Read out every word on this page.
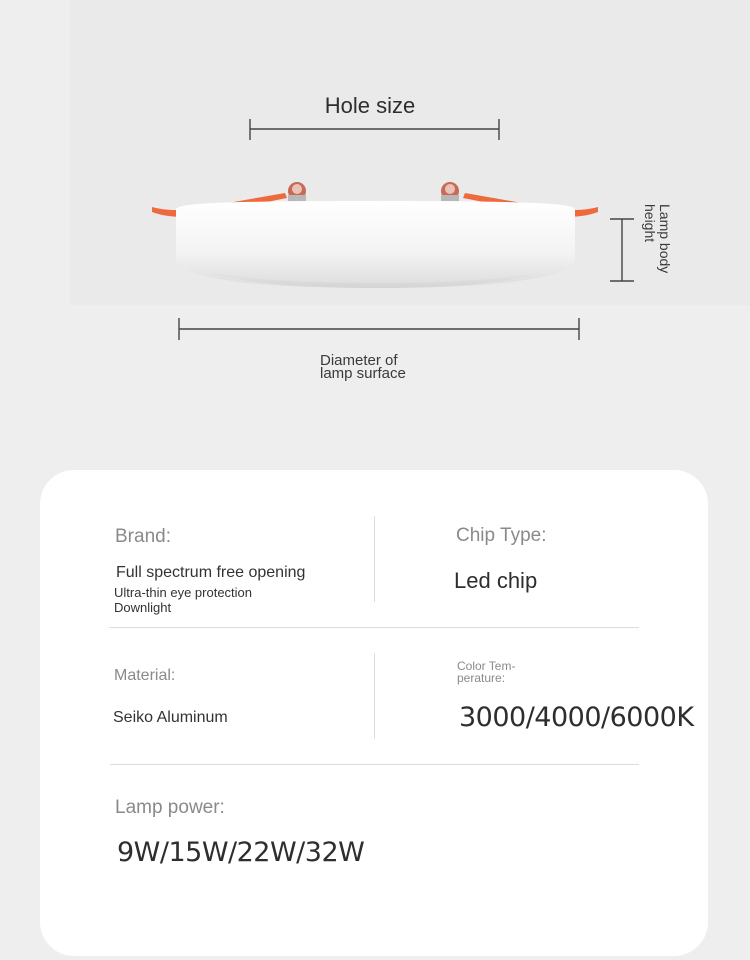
Hole size
Diameter of
lamp surface
Lamp body
height
Brand:
Full spectrum free opening
Ultra-thin eye protection
Downlight
Chip Type:
Led chip
Material:
Seiko Aluminum
Color Tem-
perature:
3000/4000/6000K
Lamp power:
9W/15W/22W/32W
